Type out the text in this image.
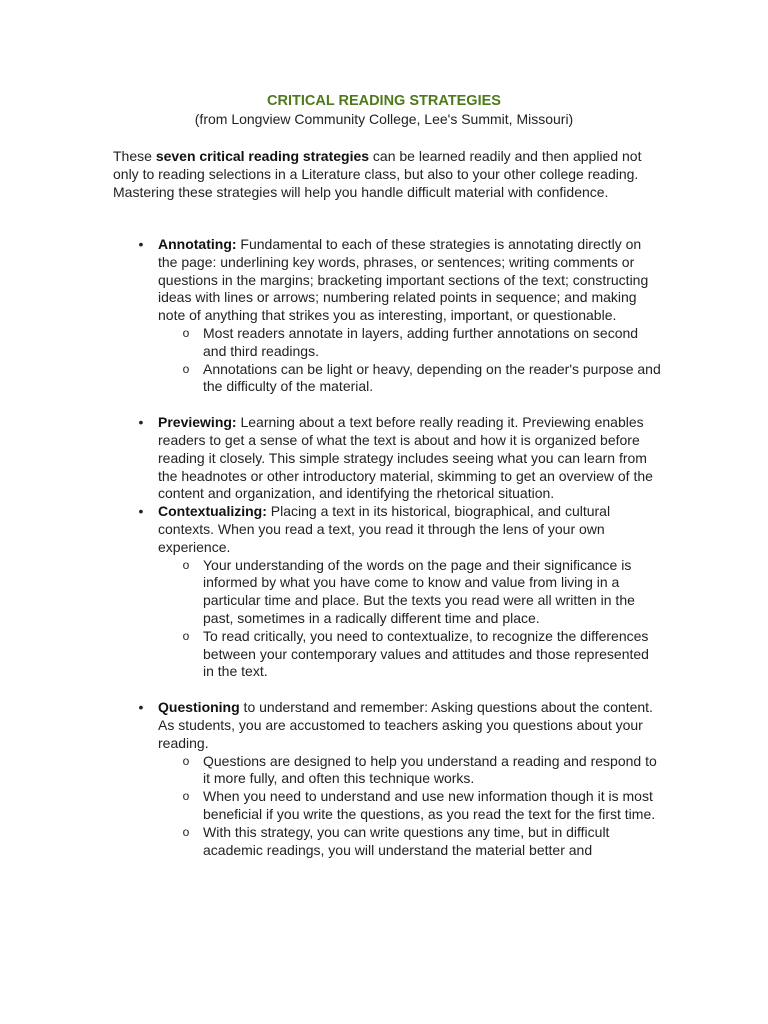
CRITICAL READING STRATEGIES
(from Longview Community College, Lee's Summit, Missouri)
These seven critical reading strategies can be learned readily and then applied not only to reading selections in a Literature class, but also to your other college reading. Mastering these strategies will help you handle difficult material with confidence.
• Annotating: Fundamental to each of these strategies is annotating directly on the page: underlining key words, phrases, or sentences; writing comments or questions in the margins; bracketing important sections of the text; constructing ideas with lines or arrows; numbering related points in sequence; and making note of anything that strikes you as interesting, important, or questionable.
o Most readers annotate in layers, adding further annotations on second and third readings.
o Annotations can be light or heavy, depending on the reader's purpose and the difficulty of the material.
• Previewing: Learning about a text before really reading it. Previewing enables readers to get a sense of what the text is about and how it is organized before reading it closely. This simple strategy includes seeing what you can learn from the headnotes or other introductory material, skimming to get an overview of the content and organization, and identifying the rhetorical situation.
• Contextualizing: Placing a text in its historical, biographical, and cultural contexts. When you read a text, you read it through the lens of your own experience.
o Your understanding of the words on the page and their significance is informed by what you have come to know and value from living in a particular time and place. But the texts you read were all written in the past, sometimes in a radically different time and place.
o To read critically, you need to contextualize, to recognize the differences between your contemporary values and attitudes and those represented in the text.
• Questioning to understand and remember: Asking questions about the content. As students, you are accustomed to teachers asking you questions about your reading.
o Questions are designed to help you understand a reading and respond to it more fully, and often this technique works.
o When you need to understand and use new information though it is most beneficial if you write the questions, as you read the text for the first time.
o With this strategy, you can write questions any time, but in difficult academic readings, you will understand the material better and
